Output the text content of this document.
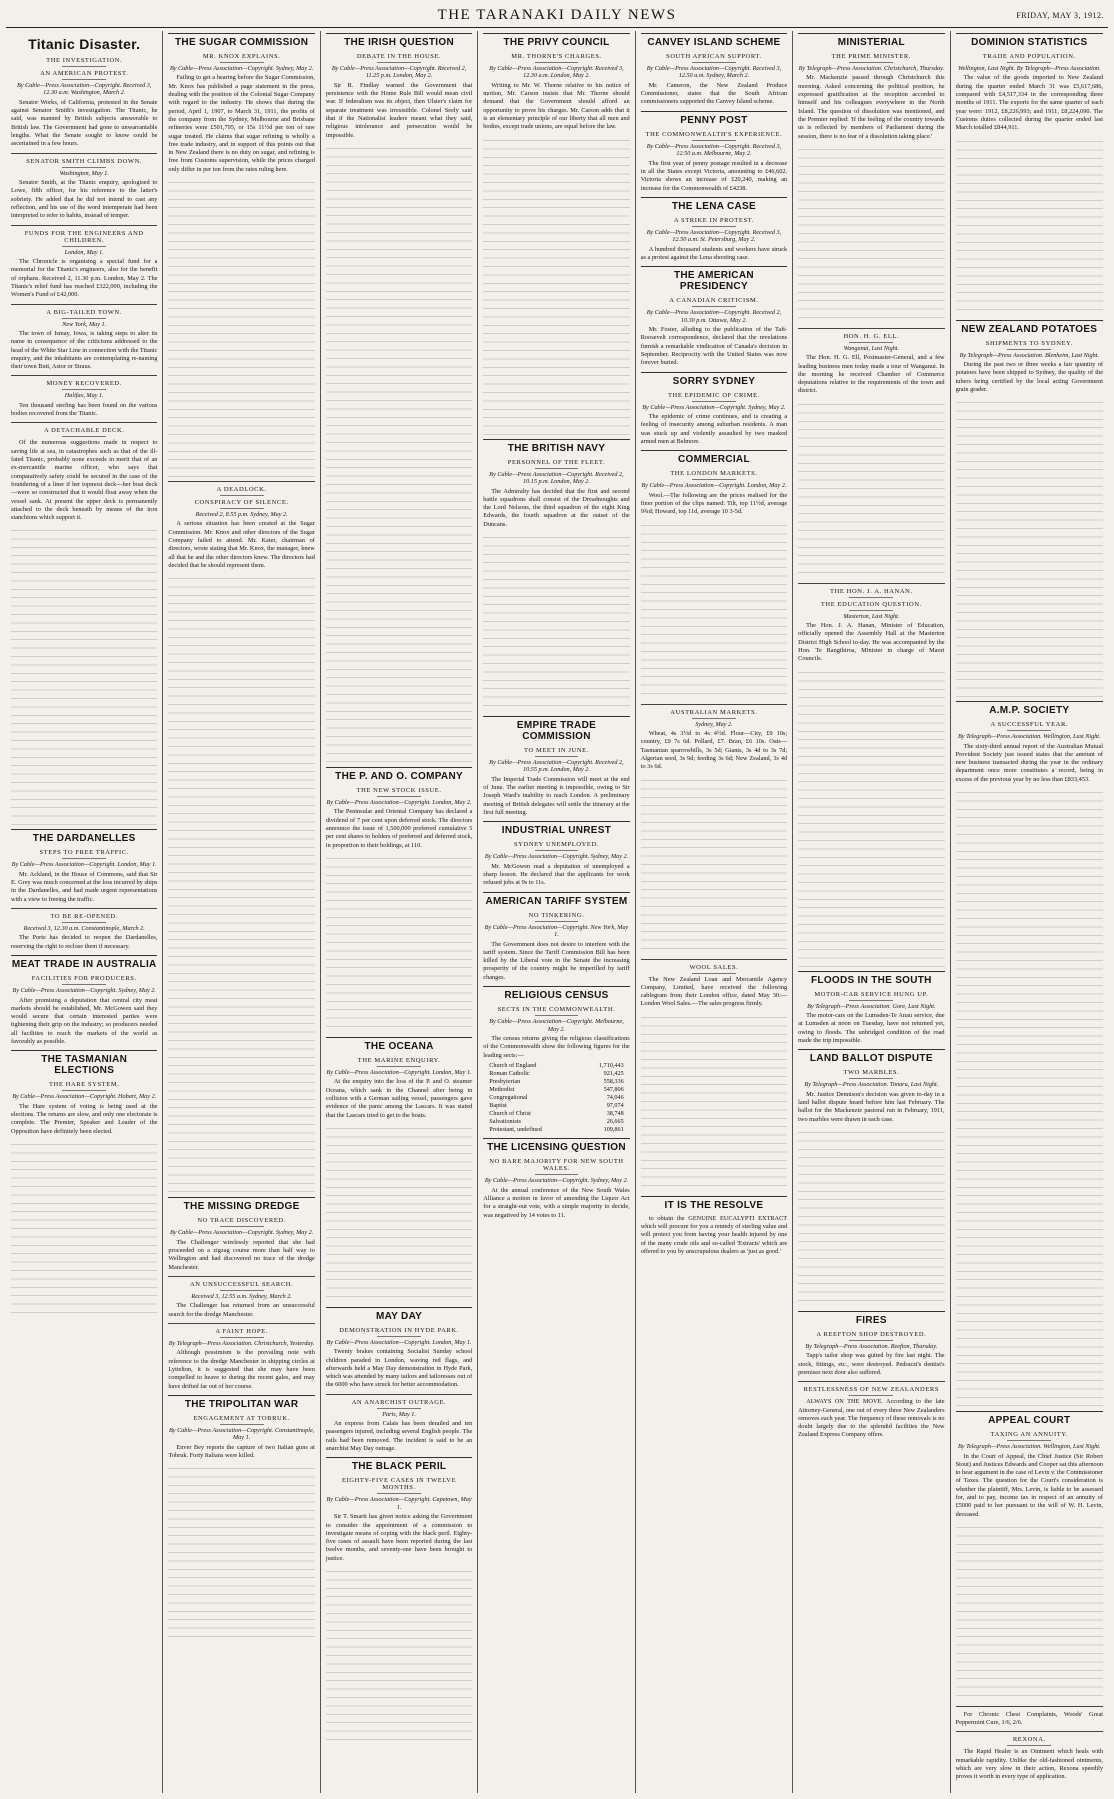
THE TARANAKI DAILY NEWS	FRIDAY, MAY 3, 1912.
Titanic Disaster.
THE INVESTIGATION.
AN AMERICAN PROTEST.
By Cable—Press Association—Copyright. Received 3, 12.30 a.m. Washington, March 2.

Senator Works, of California, protested in the Senate against Senator Smith's investigation. The Titanic, he said, was manned by British subjects answerable to British law. The Government had gone to unwarrantable lengths. What the Senate sought to know could be ascertained in a few hours.

SENATOR SMITH CLIMBS DOWN.
Washington, May 1.

Senator Smith, at the Titanic enquiry, apologised to Lowe, fifth officer, for his reference to the latter's sobriety. He added that he did not intend to cast any reflection, and his use of the word intemperate had been interpreted to refer to habits, instead of temper.

FUNDS FOR THE ENGINEERS AND CHILDREN.
London, May 1.

The Chronicle is organising a special fund for a memorial for the Titanic's engineers, also for the benefit of orphans. Received 2, 11.30 p.m. London, May 2. The Titanic's relief fund has reached £322,000, including the Women's Fund of £42,000.

A BIG-TAILED TOWN.
New York, May 1.

The town of Ismay, Iowa, is taking steps to alter its name in consequence of the criticisms addressed to the head of the White Star Line in connection with the Titanic enquiry, and the inhabitants are contemplating re-naming their town Butt, Astor or Straus.

MONEY RECOVERED.
Halifax, May 1.

Ten thousand sterling has been found on the various bodies recovered from the Titanic.

A DETACHABLE DECK.

Of the numerous suggestions made in respect to saving life at sea, in catastrophes such as that of the ill-fated Titanic, probably none exceeds in merit that of an ex-mercantile marine officer, who says that comparatively safety could be secured in the case of the foundering of a liner if her topmost deck—her boat deck—were so constructed that it would float away when the vessel sank. At present the upper deck is permanently attached to the deck beneath by means of the iron stanchions which support it.

THE DARDANELLES
STEPS TO FREE TRAFFIC.
By Cable—Press Association—Copyright. London, May 1.

Mr. Ackland, in the House of Commons, said that Sir E. Grey was much concerned at the loss incurred by ships in the Dardanelles, and had made urgent representations with a view to freeing the traffic.

TO BE RE-OPENED.
Received 3, 12.30 a.m. Constantinople, March 2.

The Porte has decided to reopen the Dardanelles, reserving the right to reclose them if necessary.

MEAT TRADE IN AUSTRALIA
FACILITIES FOR PRODUCERS.
By Cable—Press Association—Copyright. Sydney, May 2.

After promising a deputation that central city meat markets should be established, Mr. McGowen said they would secure that certain interested parties were tightening their grip on the industry; so producers needed all facilities to reach the markets of the world as favorably as possible.

THE TASMANIAN ELECTIONS
THE HARE SYSTEM.
By Cable—Press Association—Copyright. Hobart, May 2.

The Hare system of voting is being used at the elections. The returns are slow, and only one electorate is complete. The Premier, Speaker and Leader of the Opposition have definitely been elected.

THE SUGAR COMMISSION
MR. KNOX EXPLAINS.
By Cable—Press Association—Copyright. Sydney, May 2.

Failing to get a hearing before the Sugar Commission, Mr. Knox has published a page statement in the press, dealing with the position of the Colonial Sugar Company with regard to the industry. He shows that during the period, April 1, 1907, to March 31, 1911, the profits of the company from the Sydney, Melbourne and Brisbane refineries were £501,795, or 15s 11½d per ton of raw sugar treated. He claims that sugar refining is wholly a free trade industry, and in support of this points out that in New Zealand there is no duty on sugar, and refining is free from Customs supervision, while the prices charged only differ in per ton from the rates ruling here.

A DEADLOCK.
CONSPIRACY OF SILENCE.
Received 2, 8.55 p.m. Sydney, May 2.

A serious situation has been created at the Sugar Commission. Mr. Knox and other directors of the Sugar Company failed to attend. Mr. Kater, chairman of directors, wrote stating that Mr. Knox, the manager, knew all that he and the other directors knew. The directors had decided that he should represent them.

THE MISSING DREDGE
NO TRACE DISCOVERED.
By Cable—Press Association—Copyright. Sydney, May 2.

The Challenger wirelessly reported that she had proceeded on a zigzag course more than half way to Wellington and had discovered no trace of the dredge Manchester.

AN UNSUCCESSFUL SEARCH.
Received 3, 12.55 a.m. Sydney, March 2.

The Challenger has returned from an unsuccessful search for the dredge Manchester.

A FAINT HOPE.
By Telegraph—Press Association. Christchurch, Yesterday.

Although pessimism is the prevailing note with reference to the dredge Manchester in shipping circles at Lyttelton, it is suggested that she may have been compelled to heave to during the recent gales, and may have drifted far out of her course.

THE TRIPOLITAN WAR
ENGAGEMENT AT TOBRUK.
By Cable—Press Association—Copyright. Constantinople, May 1.

Enver Bey reports the capture of two Italian guns at Tobruk. Forty Italians were killed.

THE IRISH QUESTION
DEBATE IN THE HOUSE.
By Cable—Press Association—Copyright. Received 2, 11.25 p.m. London, May 2.

Sir R. Findlay warned the Government that persistence with the Home Rule Bill would mean civil war. If federalism was its object, then Ulster's claim for separate treatment was irresistible. Colonel Seely said that if the Nationalist leaders meant what they said, religious intolerance and persecution would be impossible.

THE P. AND O. COMPANY
THE NEW STOCK ISSUE.
By Cable—Press Association—Copyright. London, May 2.

The Peninsular and Oriental Company has declared a dividend of 7 per cent upon deferred stock. The directors announce the issue of 1,500,000 preferred cumulative 5 per cent shares to holders of preferred and deferred stock, in proportion to their holdings, at 110.

THE OCEANA
THE MARINE ENQUIRY.
By Cable—Press Association—Copyright. London, May 1.

At the enquiry into the loss of the P. and O. steamer Oceana, which sank in the Channel after being in collision with a German sailing vessel, passengers gave evidence of the panic among the Lascars. It was stated that the Lascars tried to get to the boats.

MAY DAY
DEMONSTRATION IN HYDE PARK.
By Cable—Press Association—Copyright. London, May 1.

Twenty brakes containing Socialist Sunday school children paraded in London, waving red flags, and afterwards held a May Day demonstration in Hyde Park, which was attended by many tailors and tailoresses out of the 6000 who have struck for better accommodation.

AN ANARCHIST OUTRAGE.
Paris, May 1.

An express from Calais has been derailed and ten passengers injured, including several English people. The rails had been removed. The incident is said to be an anarchist May Day outrage.

THE BLACK PERIL
EIGHTY-FIVE CASES IN TWELVE MONTHS.
By Cable—Press Association—Copyright. Capetown, May 1.

Sir T. Smartt has given notice asking the Government to consider the appointment of a commission to investigate means of coping with the black peril. Eighty-five cases of assault have been reported during the last twelve months, and seventy-one have been brought to justice.

THE PRIVY COUNCIL
MR. THORNE'S CHARGES.
By Cable—Press Association—Copyright. Received 3, 12.30 a.m. London, May 2.

Writing to Mr. W. Thorne relative to his notice of motion, Mr. Carson insists that Mr. Thorne should demand that the Government should afford an opportunity to prove his charges. Mr. Carson adds that it is an elementary principle of our liberty that all men and bodies, except trade unions, are equal before the law.

THE BRITISH NAVY
PERSONNEL OF THE FLEET.
By Cable—Press Association—Copyright. Received 2, 10.15 p.m. London, May 2.

The Admiralty has decided that the first and second battle squadrons shall consist of the Dreadnoughts and the Lord Nelsons, the third squadron of the eight King Edwards, the fourth squadron at the outset of the Duncans.

EMPIRE TRADE COMMISSION
TO MEET IN JUNE.
By Cable—Press Association—Copyright. Received 2, 10.55 p.m. London, May 2.

The Imperial Trade Commission will meet at the end of June. The earlier meeting is impossible, owing to Sir Joseph Ward's inability to reach London. A preliminary meeting of British delegates will settle the itinerary at the first full meeting.

INDUSTRIAL UNREST
SYDNEY UNEMPLOYED.
By Cable—Press Association—Copyright. Sydney, May 2.

Mr. McGowen read a deputation of unemployed a sharp lesson. He declared that the applicants for work refused jobs at 9s to 11s.

AMERICAN TARIFF SYSTEM
NO TINKERING.
By Cable—Press Association—Copyright. New York, May 1.

The Government does not desire to interfere with the tariff system. Since the Tariff Commission Bill has been killed by the Liberal vote in the Senate the increasing prosperity of the country might be imperilled by tariff changes.

RELIGIOUS CENSUS
SECTS IN THE COMMONWEALTH.
By Cable—Press Association—Copyright. Melbourne, May 2.

The census returns giving the religious classifications of the Commonwealth show the following figures for the leading sects:—

Church of England	1,710,443
Roman Catholic	921,425
Presbyterian	558,336
Methodist	547,806
Congregational	74,046
Baptist	97,074
Church of Christ	38,748
Salvationists	26,665
Protestant, undefined	109,861
THE LICENSING QUESTION
NO BARE MAJORITY FOR NEW SOUTH WALES.
By Cable—Press Association—Copyright. Sydney, May 2.

At the annual conference of the New South Wales Alliance a motion in favor of amending the Liquor Act for a straight-out vote, with a simple majority to decide, was negatived by 14 votes to 11.

CANVEY ISLAND SCHEME
SOUTH AFRICAN SUPPORT.
By Cable—Press Association—Copyright. Received 3, 12.50 a.m. Sydney, March 2.

Mr. Cameron, the New Zealand Produce Commissioner, states that the South African commissioners supported the Canvey Island scheme.

PENNY POST
THE COMMONWEALTH'S EXPERIENCE.
By Cable—Press Association—Copyright. Received 3, 12.50 a.m. Melbourne, May 2.

The first year of penny postage resulted in a decrease in all the States except Victoria, amounting to £46,602. Victoria shows an increase of £20,240, making an increase for the Commonwealth of £4238.

THE LENA CASE
A STRIKE IN PROTEST.
By Cable—Press Association—Copyright. Received 3, 12.50 a.m. St. Petersburg, May 2.

A hundred thousand students and workers have struck as a protest against the Lena shooting case.

THE AMERICAN PRESIDENCY
A CANADIAN CRITICISM.
By Cable—Press Association—Copyright. Received 2, 10.30 p.m. Ottawa, May 2.

Mr. Foster, alluding to the publication of the Taft-Roosevelt correspondence, declared that the revelations furnish a remarkable vindication of Canada's decision in September. Reciprocity with the United States was now forever buried.

SORRY SYDNEY
THE EPIDEMIC OF CRIME.
By Cable—Press Association—Copyright. Sydney, May 2.

The epidemic of crime continues, and is creating a feeling of insecurity among suburban residents. A man was stuck up and violently assaulted by two masked armed men at Belmore.

COMMERCIAL
THE LONDON MARKETS.
By Cable—Press Association—Copyright. London, May 2.

Wool.—The following are the prices realised for the finer portion of the clips named: Tilt, top 11½d, average 9¾d; Howard, top 11d, average 10 3-5d.

AUSTRALIAN MARKETS.
Sydney, May 2.

Wheat, 4s 3½d to 4s 4½d. Flour—City, £9 10s; country, £9 7s 6d. Pollard, £7. Bran, £6 10s. Oats—Tasmanian sparrowbills, 3s 5d; Giants, 3s 4d to 3s 7d; Algerian seed, 3s 9d; feeding 3s 6d; New Zealand, 3s 4d to 3s 6d.

WOOL SALES.

The New Zealand Loan and Mercantile Agency Company, Limited, have received the following cablegram from their London office, dated May 30:— London Wool Sales.—The sales progress firmly.

IT IS THE RESOLVE

to obtain the GENUINE EUCALYPTI EXTRACT which will procure for you a remedy of sterling value and will protect you from having your health injured by one of the many crude oils and so-called 'Extracts' which are offered to you by unscrupulous dealers as 'just as good.'

MINISTERIAL
THE PRIME MINISTER.
By Telegraph—Press Association. Christchurch, Thursday.

Mr. Mackenzie passed through Christchurch this morning. Asked concerning the political position, he expressed gratification at the reception accorded to himself and his colleagues everywhere in the North Island. The question of dissolution was mentioned, and the Premier replied: 'If the feeling of the country towards us is reflected by members of Parliament during the session, there is no fear of a dissolution taking place.'

HON. H. G. ELL.
Wanganui, Last Night.

The Hon. H. G. Ell, Postmaster-General, and a few leading business men today made a tour of Wanganui. In the morning he received Chamber of Commerce deputations relative to the requirements of the town and district.

THE HON. J. A. HANAN.
THE EDUCATION QUESTION.
Masterton, Last Night.

The Hon. J. A. Hanan, Minister of Education, officially opened the Assembly Hall at the Masterton District High School to-day. He was accompanied by the Hon. Te Rangihiroa, Minister in charge of Maori Councils.

FLOODS IN THE SOUTH
MOTOR-CAR SERVICE HUNG UP.
By Telegraph—Press Association. Gore, Last Night.

The motor-cars on the Lumsden-Te Anau service, due at Lumsden at noon on Tuesday, have not returned yet, owing to floods. The unbridged condition of the road made the trip impossible.

LAND BALLOT DISPUTE
TWO MARBLES.
By Telegraph—Press Association. Timaru, Last Night.

Mr. Justice Dennison's decision was given to-day in a land ballot dispute heard before him last February. The ballot for the Mackenzie pastoral run in February, 1911, two marbles were drawn in each case.

FIRES
A REEFTON SHOP DESTROYED.
By Telegraph—Press Association. Reefton, Thursday.

Tapp's tailor shop was gutted by fire last night. The stock, fittings, etc., were destroyed. Pedrazzi's dentist's premises next door also suffered.

RESTLESSNESS OF NEW ZEALANDERS

ALWAYS ON THE MOVE. According to the late Attorney-General, one out of every three New Zealanders removes each year. The frequency of these removals is no doubt largely due to the splendid facilities the New Zealand Express Company offers.

DOMINION STATISTICS
TRADE AND POPULATION.
Wellington, Last Night. By Telegraph—Press Association.

The value of the goods imported to New Zealand during the quarter ended March 31 was £5,617,686, compared with £4,517,334 in the corresponding three months of 1911. The exports for the same quarter of each year were: 1912, £8,226,993; and 1911, £8,224,090. The Customs duties collected during the quarter ended last March totalled £844,911.

NEW ZEALAND POTATOES
SHIPMENTS TO SYDNEY.
By Telegraph—Press Association. Blenheim, Last Night.

During the past two or three weeks a fair quantity of potatoes have been shipped to Sydney, the quality of the tubers being certified by the local acting Government grain grader.

A.M.P. SOCIETY
A SUCCESSFUL YEAR.
By Telegraph—Press Association. Wellington, Last Night.

The sixty-third annual report of the Australian Mutual Provident Society just issued states that the amount of new business transacted during the year in the ordinary department once more constitutes a record, being in excess of the previous year by no less than £833,453.

APPEAL COURT
TAXING AN ANNUITY.
By Telegraph—Press Association. Wellington, Last Night.

In the Court of Appeal, the Chief Justice (Sir Robert Stout) and Justices Edwards and Cooper sat this afternoon to hear argument in the case of Levin v. the Commissioner of Taxes. The question for the Court's consideration is whether the plaintiff, Mrs. Levin, is liable to be assessed for, and to pay, income tax in respect of an annuity of £5000 paid to her pursuant to the will of W. H. Levin, deceased.

For Chronic Chest Complaints, Woods' Great Peppermint Cure, 1/6, 2/6.

REXONA.

The Rapid Healer is an Ointment which heals with remarkable rapidity. Unlike the old-fashioned ointments, which are very slow in their action, Rexona speedily proves it worth in every type of application.
